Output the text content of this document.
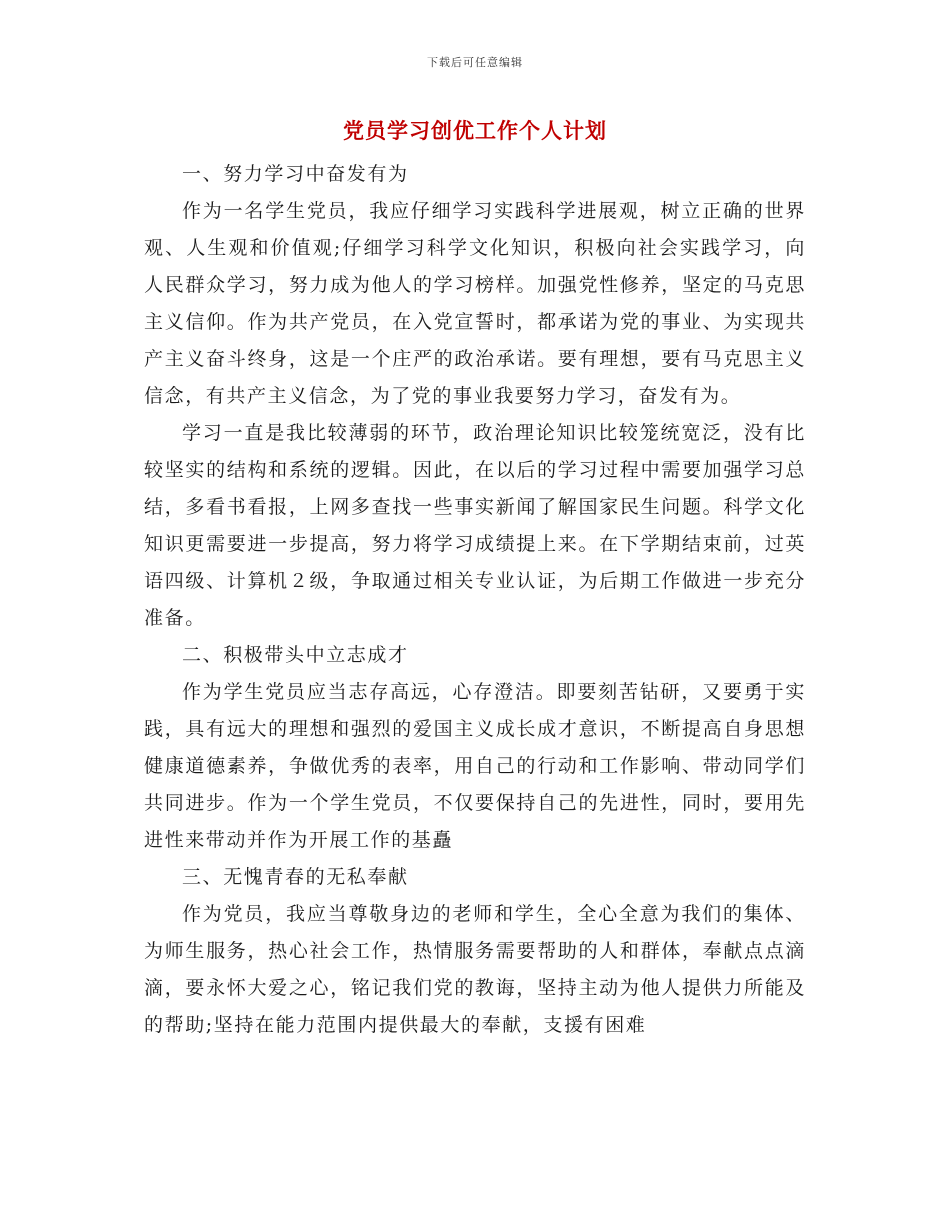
下载后可任意编辑
党员学习创优工作个人计划

一、努力学习中奋发有为

作为一名学生党员，我应仔细学习实践科学进展观，树立正确的世界观、人生观和价值观;仔细学习科学文化知识，积极向社会实践学习，向人民群众学习，努力成为他人的学习榜样。加强党性修养，坚定的马克思主义信仰。作为共产党员，在入党宣誓时，都承诺为党的事业、为实现共产主义奋斗终身，这是一个庄严的政治承诺。要有理想，要有马克思主义信念，有共产主义信念，为了党的事业我要努力学习，奋发有为。

学习一直是我比较薄弱的环节，政治理论知识比较笼统宽泛，没有比较坚实的结构和系统的逻辑。因此，在以后的学习过程中需要加强学习总结，多看书看报，上网多查找一些事实新闻了解国家民生问题。科学文化知识更需要进一步提高，努力将学习成绩提上来。在下学期结束前，过英语四级、计算机２级，争取通过相关专业认证，为后期工作做进一步充分准备。

二、积极带头中立志成才

作为学生党员应当志存高远，心存澄洁。即要刻苦钻研，又要勇于实践，具有远大的理想和强烈的爱国主义成长成才意识，不断提高自身思想健康道德素养，争做优秀的表率，用自己的行动和工作影响、带动同学们共同进步。作为一个学生党员，不仅要保持自己的先进性，同时，要用先进性来带动并作为开展工作的基矗

三、无愧青春的无私奉献

作为党员，我应当尊敬身边的老师和学生，全心全意为我们的集体、为师生服务，热心社会工作，热情服务需要帮助的人和群体，奉献点点滴滴，要永怀大爱之心，铭记我们党的教诲，坚持主动为他人提供力所能及的帮助;坚持在能力范围内提供最大的奉献，支援有困难
